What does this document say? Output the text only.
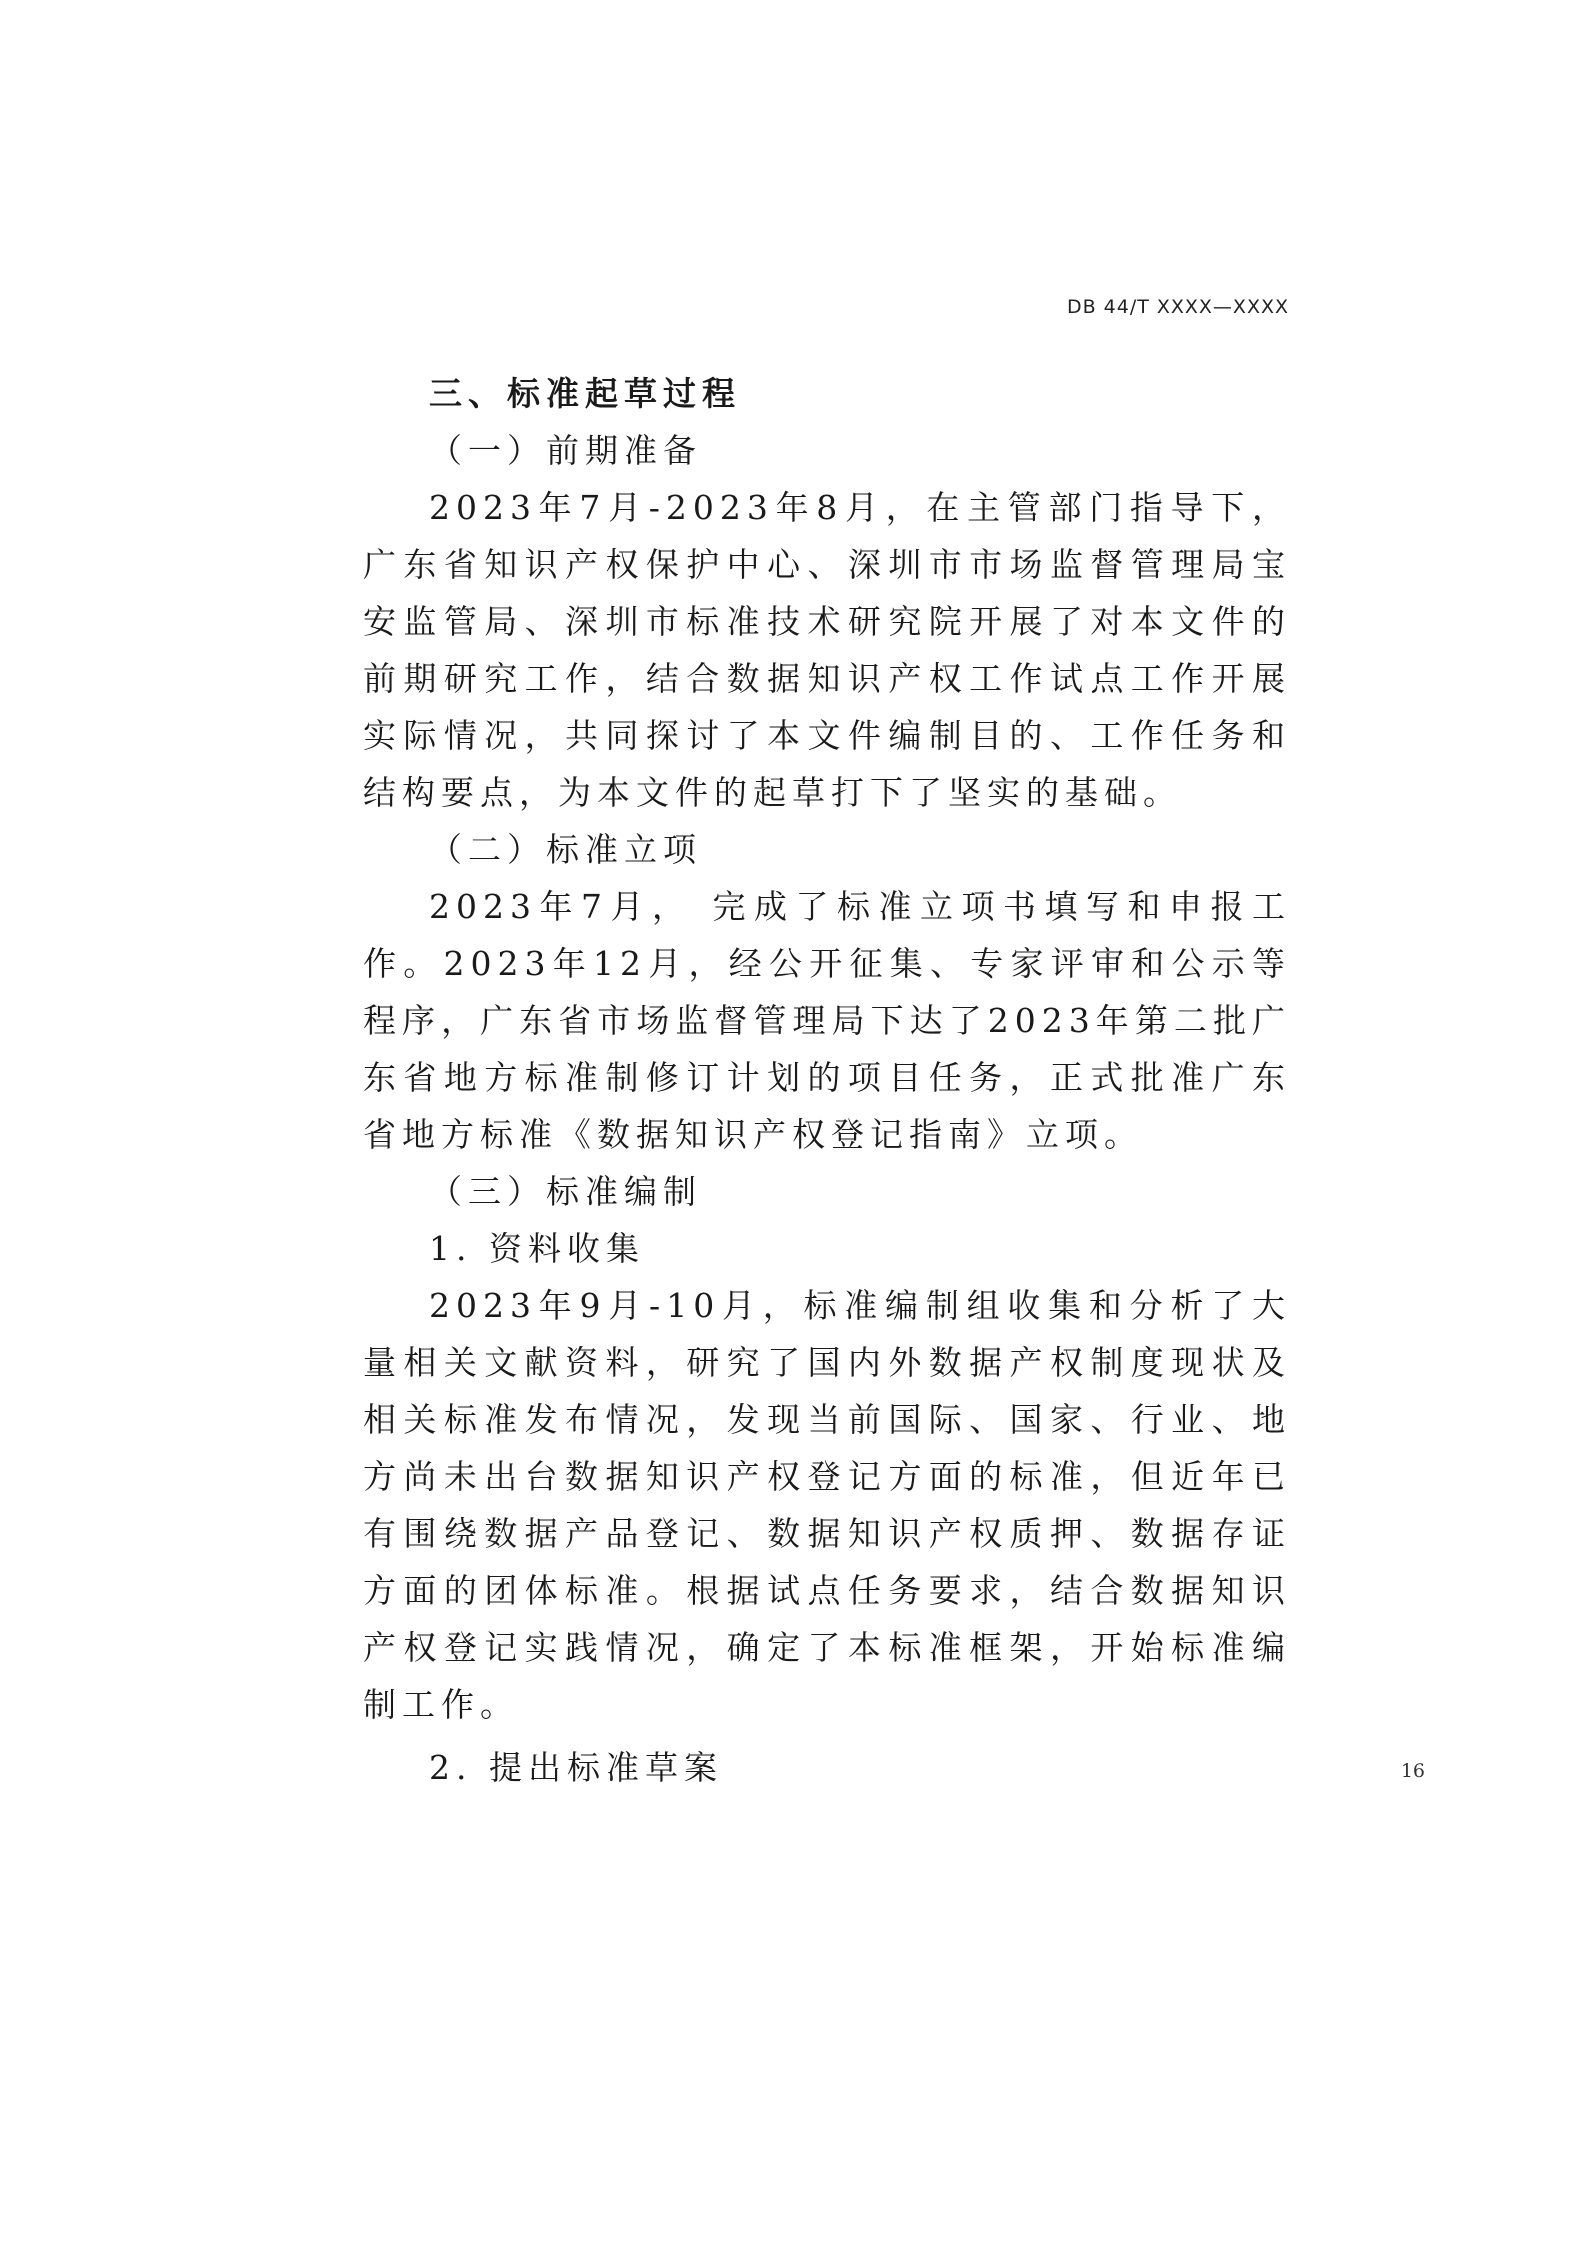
DB 44/T XXXX—XXXX

三、标准起草过程

（一）前期准备

2023年7月-2023年8月，在主管部门指导下，广东省知识产权保护中心、深圳市市场监督管理局宝安监管局、深圳市标准技术研究院开展了对本文件的前期研究工作，结合数据知识产权工作试点工作开展实际情况，共同探讨了本文件编制目的、工作任务和结构要点，为本文件的起草打下了坚实的基础。

（二）标准立项

2023年7月， 完成了标准立项书填写和申报工作。2023年12月，经公开征集、专家评审和公示等程序，广东省市场监督管理局下达了2023年第二批广东省地方标准制修订计划的项目任务，正式批准广东省地方标准《数据知识产权登记指南》立项。

（三）标准编制

1. 资料收集

2023年9月-10月，标准编制组收集和分析了大量相关文献资料，研究了国内外数据产权制度现状及相关标准发布情况，发现当前国际、国家、行业、地方尚未出台数据知识产权登记方面的标准，但近年已有围绕数据产品登记、数据知识产权质押、数据存证方面的团体标准。根据试点任务要求，结合数据知识产权登记实践情况，确定了本标准框架，开始标准编制工作。

2. 提出标准草案	16
